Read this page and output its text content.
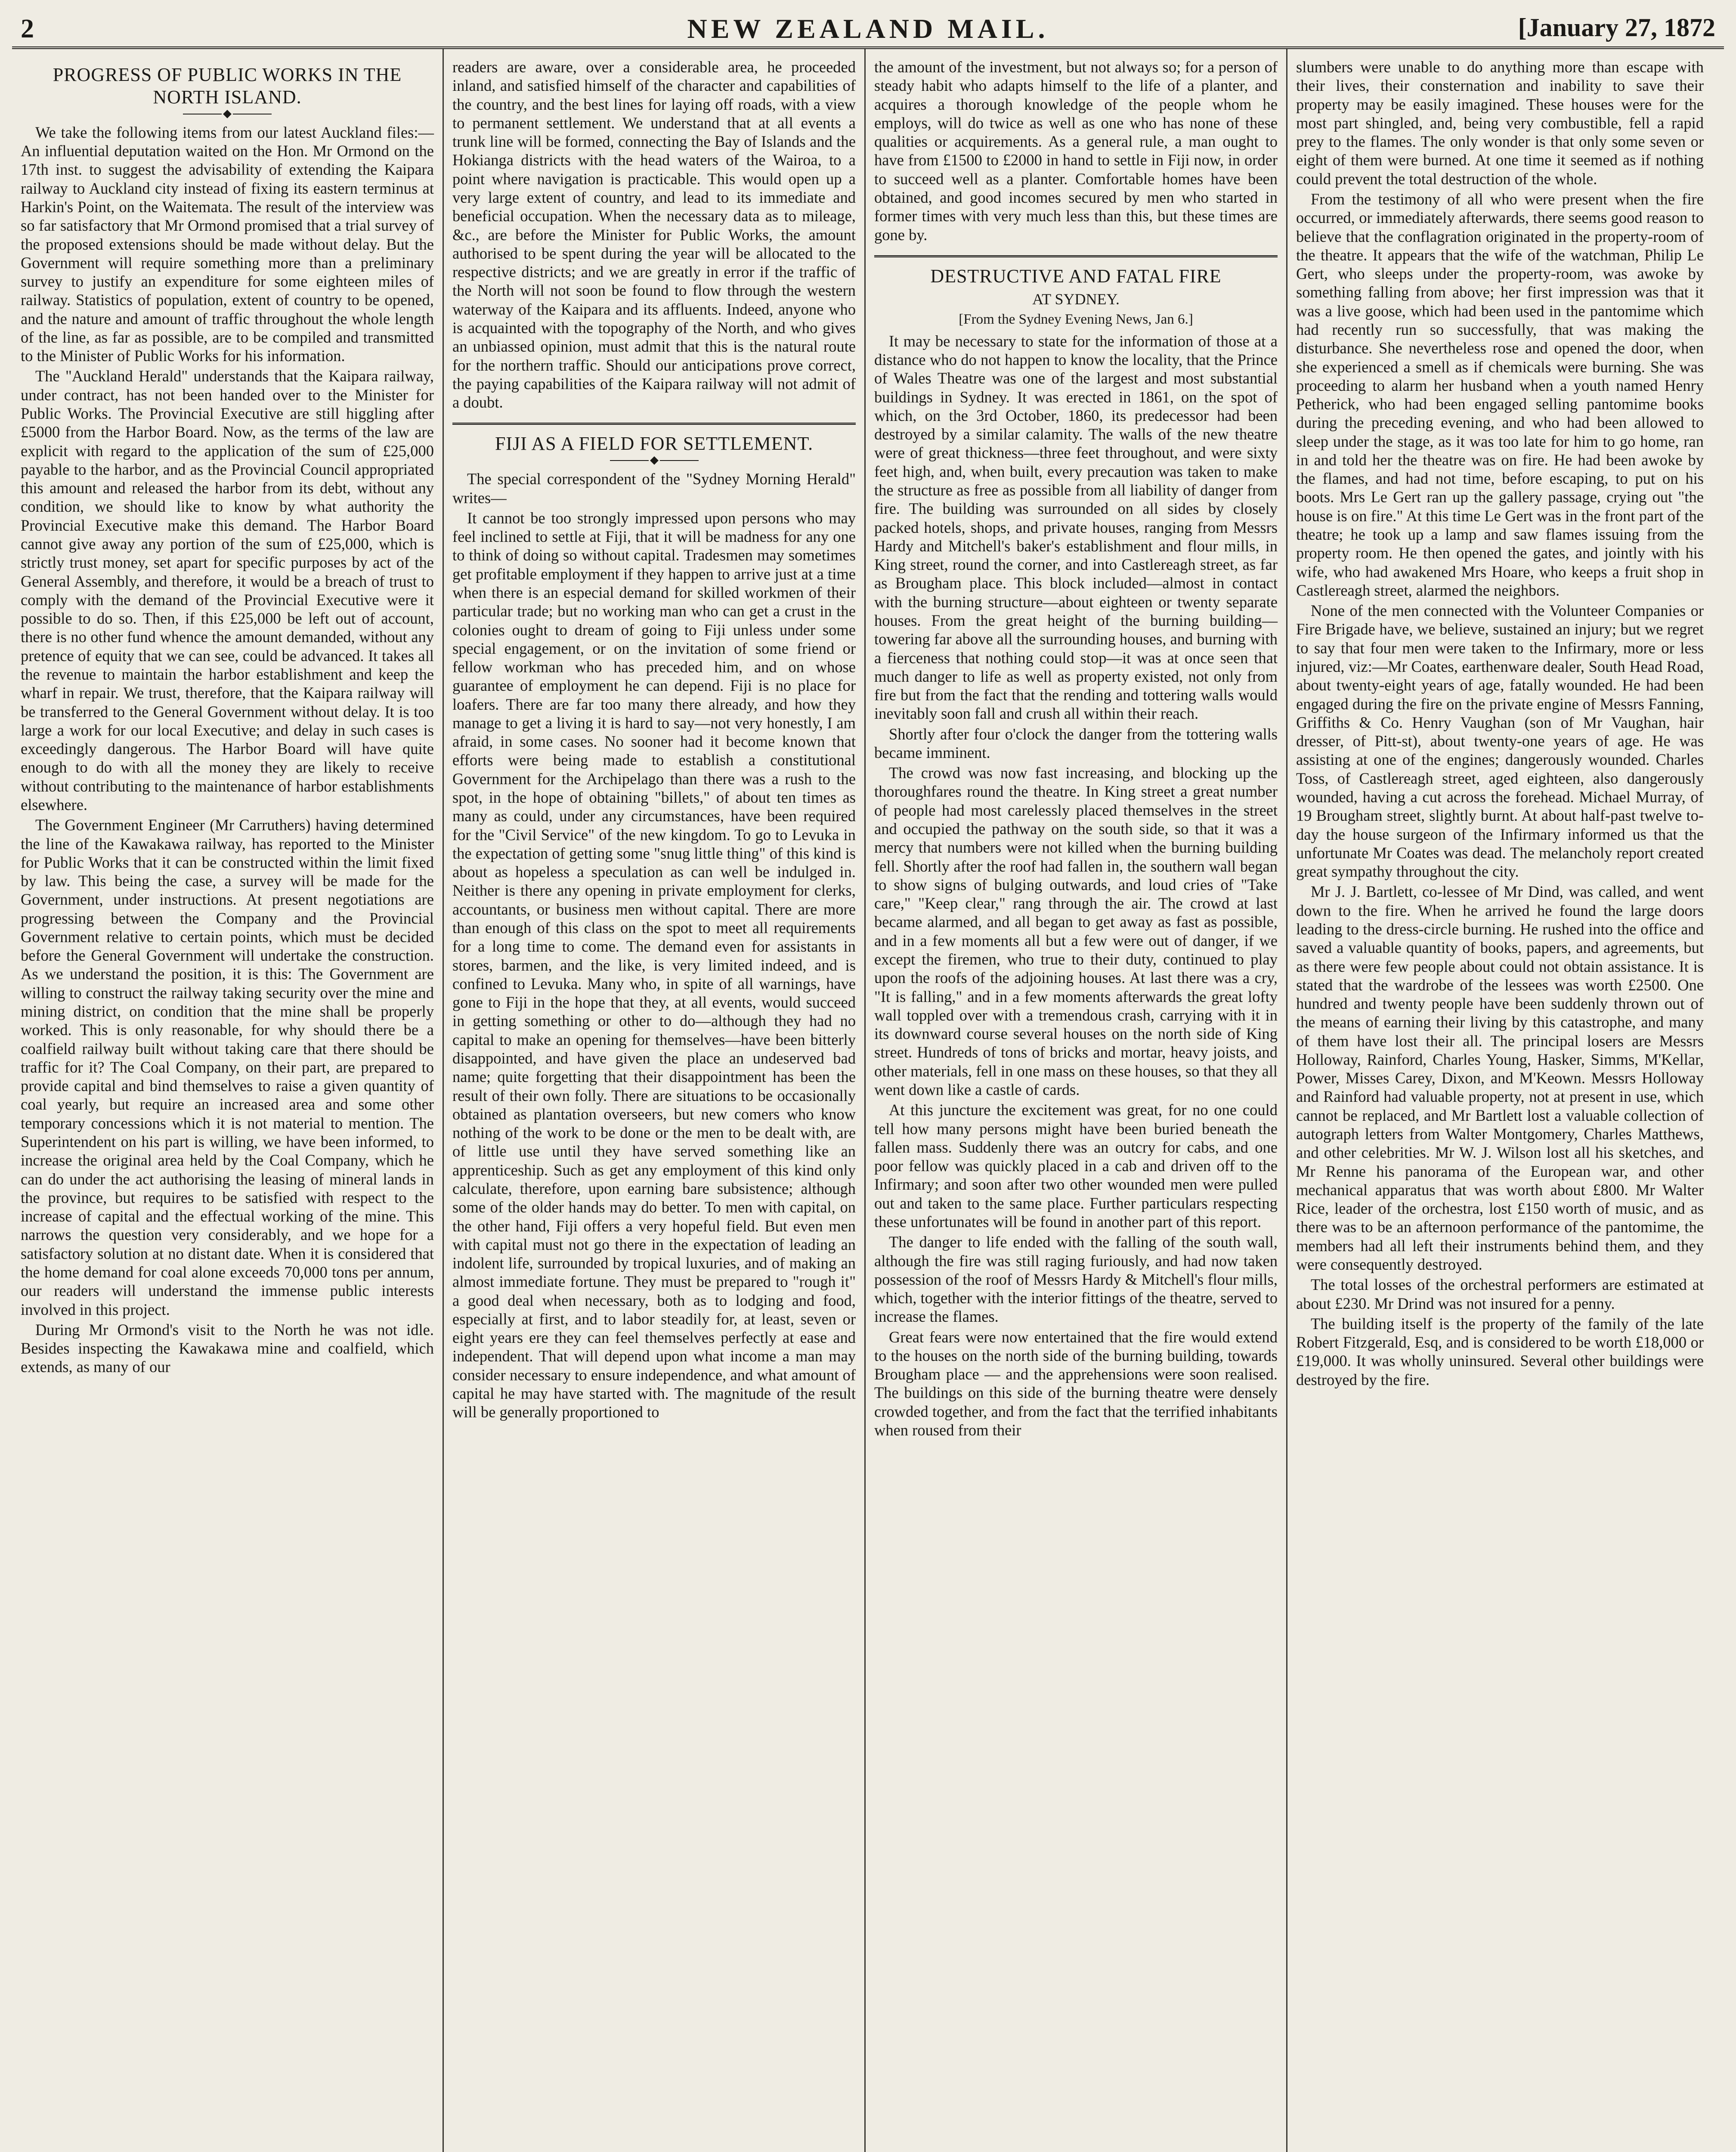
2	NEW ZEALAND MAIL.	[January 27, 1872
PROGRESS OF PUBLIC WORKS IN THE NORTH ISLAND.

We take the following items from our latest Auckland files:—An influential deputation waited on the Hon. Mr Ormond on the 17th inst. to suggest the advisability of extending the Kaipara railway to Auckland city instead of fixing its eastern terminus at Harkin's Point, on the Waitemata. The result of the interview was so far satisfactory that Mr Ormond promised that a trial survey of the proposed extensions should be made without delay. But the Government will require something more than a preliminary survey to justify an expenditure for some eighteen miles of railway. Statistics of population, extent of country to be opened, and the nature and amount of traffic throughout the whole length of the line, as far as possible, are to be compiled and transmitted to the Minister of Public Works for his information.

The "Auckland Herald" understands that the Kaipara railway, under contract, has not been handed over to the Minister for Public Works. The Provincial Executive are still higgling after £5000 from the Harbor Board. Now, as the terms of the law are explicit with regard to the application of the sum of £25,000 payable to the harbor, and as the Provincial Council appropriated this amount and released the harbor from its debt, without any condition, we should like to know by what authority the Provincial Executive make this demand. The Harbor Board cannot give away any portion of the sum of £25,000, which is strictly trust money, set apart for specific purposes by act of the General Assembly, and therefore, it would be a breach of trust to comply with the demand of the Provincial Executive were it possible to do so. Then, if this £25,000 be left out of account, there is no other fund whence the amount demanded, without any pretence of equity that we can see, could be advanced. It takes all the revenue to maintain the harbor establishment and keep the wharf in repair. We trust, therefore, that the Kaipara railway will be transferred to the General Government without delay. It is too large a work for our local Executive; and delay in such cases is exceedingly dangerous. The Harbor Board will have quite enough to do with all the money they are likely to receive without contributing to the maintenance of harbor establishments elsewhere.

The Government Engineer (Mr Carruthers) having determined the line of the Kawakawa railway, has reported to the Minister for Public Works that it can be constructed within the limit fixed by law. This being the case, a survey will be made for the Government, under instructions. At present negotiations are progressing between the Company and the Provincial Government relative to certain points, which must be decided before the General Government will undertake the construction. As we understand the position, it is this: The Government are willing to construct the railway taking security over the mine and mining district, on condition that the mine shall be properly worked. This is only reasonable, for why should there be a coalfield railway built without taking care that there should be traffic for it? The Coal Company, on their part, are prepared to provide capital and bind themselves to raise a given quantity of coal yearly, but require an increased area and some other temporary concessions which it is not material to mention. The Superintendent on his part is willing, we have been informed, to increase the original area held by the Coal Company, which he can do under the act authorising the leasing of mineral lands in the province, but requires to be satisfied with respect to the increase of capital and the effectual working of the mine. This narrows the question very considerably, and we hope for a satisfactory solution at no distant date. When it is considered that the home demand for coal alone exceeds 70,000 tons per annum, our readers will understand the immense public interests involved in this project.

During Mr Ormond's visit to the North he was not idle. Besides inspecting the Kawakawa mine and coalfield, which extends, as many of our

readers are aware, over a considerable area, he proceeded inland, and satisfied himself of the character and capabilities of the country, and the best lines for laying off roads, with a view to permanent settlement. We understand that at all events a trunk line will be formed, connecting the Bay of Islands and the Hokianga districts with the head waters of the Wairoa, to a point where navigation is practicable. This would open up a very large extent of country, and lead to its immediate and beneficial occupation. When the necessary data as to mileage, &c., are before the Minister for Public Works, the amount authorised to be spent during the year will be allocated to the respective districts; and we are greatly in error if the traffic of the North will not soon be found to flow through the western waterway of the Kaipara and its affluents. Indeed, anyone who is acquainted with the topography of the North, and who gives an unbiassed opinion, must admit that this is the natural route for the northern traffic. Should our anticipations prove correct, the paying capabilities of the Kaipara railway will not admit of a doubt.

FIJI AS A FIELD FOR SETTLEMENT.

The special correspondent of the "Sydney Morning Herald" writes—

It cannot be too strongly impressed upon persons who may feel inclined to settle at Fiji, that it will be madness for any one to think of doing so without capital. Tradesmen may sometimes get profitable employment if they happen to arrive just at a time when there is an especial demand for skilled workmen of their particular trade; but no working man who can get a crust in the colonies ought to dream of going to Fiji unless under some special engagement, or on the invitation of some friend or fellow workman who has preceded him, and on whose guarantee of employment he can depend. Fiji is no place for loafers. There are far too many there already, and how they manage to get a living it is hard to say—not very honestly, I am afraid, in some cases. No sooner had it become known that efforts were being made to establish a constitutional Government for the Archipelago than there was a rush to the spot, in the hope of obtaining "billets," of about ten times as many as could, under any circumstances, have been required for the "Civil Service" of the new kingdom. To go to Levuka in the expectation of getting some "snug little thing" of this kind is about as hopeless a speculation as can well be indulged in. Neither is there any opening in private employment for clerks, accountants, or business men without capital. There are more than enough of this class on the spot to meet all requirements for a long time to come. The demand even for assistants in stores, barmen, and the like, is very limited indeed, and is confined to Levuka. Many who, in spite of all warnings, have gone to Fiji in the hope that they, at all events, would succeed in getting something or other to do—although they had no capital to make an opening for themselves—have been bitterly disappointed, and have given the place an undeserved bad name; quite forgetting that their disappointment has been the result of their own folly. There are situations to be occasionally obtained as plantation overseers, but new comers who know nothing of the work to be done or the men to be dealt with, are of little use until they have served something like an apprenticeship. Such as get any employment of this kind only calculate, therefore, upon earning bare subsistence; although some of the older hands may do better. To men with capital, on the other hand, Fiji offers a very hopeful field. But even men with capital must not go there in the expectation of leading an indolent life, surrounded by tropical luxuries, and of making an almost immediate fortune. They must be prepared to "rough it" a good deal when necessary, both as to lodging and food, especially at first, and to labor steadily for, at least, seven or eight years ere they can feel themselves perfectly at ease and independent. That will depend upon what income a man may consider necessary to ensure independence, and what amount of capital he may have started with. The magnitude of the result will be generally proportioned to

the amount of the investment, but not always so; for a person of steady habit who adapts himself to the life of a planter, and acquires a thorough knowledge of the people whom he employs, will do twice as well as one who has none of these qualities or acquirements. As a general rule, a man ought to have from £1500 to £2000 in hand to settle in Fiji now, in order to succeed well as a planter. Comfortable homes have been obtained, and good incomes secured by men who started in former times with very much less than this, but these times are gone by.

DESTRUCTIVE AND FATAL FIRE
AT SYDNEY.
[From the Sydney Evening News, Jan 6.]

It may be necessary to state for the information of those at a distance who do not happen to know the locality, that the Prince of Wales Theatre was one of the largest and most substantial buildings in Sydney. It was erected in 1861, on the spot of which, on the 3rd October, 1860, its predecessor had been destroyed by a similar calamity. The walls of the new theatre were of great thickness—three feet throughout, and were sixty feet high, and, when built, every precaution was taken to make the structure as free as possible from all liability of danger from fire. The building was surrounded on all sides by closely packed hotels, shops, and private houses, ranging from Messrs Hardy and Mitchell's baker's establishment and flour mills, in King street, round the corner, and into Castlereagh street, as far as Brougham place. This block included—almost in contact with the burning structure—about eighteen or twenty separate houses. From the great height of the burning building—towering far above all the surrounding houses, and burning with a fierceness that nothing could stop—it was at once seen that much danger to life as well as property existed, not only from fire but from the fact that the rending and tottering walls would inevitably soon fall and crush all within their reach.

Shortly after four o'clock the danger from the tottering walls became imminent.

The crowd was now fast increasing, and blocking up the thoroughfares round the theatre. In King street a great number of people had most carelessly placed themselves in the street and occupied the pathway on the south side, so that it was a mercy that numbers were not killed when the burning building fell. Shortly after the roof had fallen in, the southern wall began to show signs of bulging outwards, and loud cries of "Take care," "Keep clear," rang through the air. The crowd at last became alarmed, and all began to get away as fast as possible, and in a few moments all but a few were out of danger, if we except the firemen, who true to their duty, continued to play upon the roofs of the adjoining houses. At last there was a cry, "It is falling," and in a few moments afterwards the great lofty wall toppled over with a tremendous crash, carrying with it in its downward course several houses on the north side of King street. Hundreds of tons of bricks and mortar, heavy joists, and other materials, fell in one mass on these houses, so that they all went down like a castle of cards.

At this juncture the excitement was great, for no one could tell how many persons might have been buried beneath the fallen mass. Suddenly there was an outcry for cabs, and one poor fellow was quickly placed in a cab and driven off to the Infirmary; and soon after two other wounded men were pulled out and taken to the same place. Further particulars respecting these unfortunates will be found in another part of this report.

The danger to life ended with the falling of the south wall, although the fire was still raging furiously, and had now taken possession of the roof of Messrs Hardy & Mitchell's flour mills, which, together with the interior fittings of the theatre, served to increase the flames.

Great fears were now entertained that the fire would extend to the houses on the north side of the burning building, towards Brougham place — and the apprehensions were soon realised. The buildings on this side of the burning theatre were densely crowded together, and from the fact that the terrified inhabitants when roused from their

slumbers were unable to do anything more than escape with their lives, their consternation and inability to save their property may be easily imagined. These houses were for the most part shingled, and, being very combustible, fell a rapid prey to the flames. The only wonder is that only some seven or eight of them were burned. At one time it seemed as if nothing could prevent the total destruction of the whole.

From the testimony of all who were present when the fire occurred, or immediately afterwards, there seems good reason to believe that the conflagration originated in the property-room of the theatre. It appears that the wife of the watchman, Philip Le Gert, who sleeps under the property-room, was awoke by something falling from above; her first impression was that it was a live goose, which had been used in the pantomime which had recently run so successfully, that was making the disturbance. She nevertheless rose and opened the door, when she experienced a smell as if chemicals were burning. She was proceeding to alarm her husband when a youth named Henry Petherick, who had been engaged selling pantomime books during the preceding evening, and who had been allowed to sleep under the stage, as it was too late for him to go home, ran in and told her the theatre was on fire. He had been awoke by the flames, and had not time, before escaping, to put on his boots. Mrs Le Gert ran up the gallery passage, crying out "the house is on fire." At this time Le Gert was in the front part of the theatre; he took up a lamp and saw flames issuing from the property room. He then opened the gates, and jointly with his wife, who had awakened Mrs Hoare, who keeps a fruit shop in Castlereagh street, alarmed the neighbors.

None of the men connected with the Volunteer Companies or Fire Brigade have, we believe, sustained an injury; but we regret to say that four men were taken to the Infirmary, more or less injured, viz:—Mr Coates, earthenware dealer, South Head Road, about twenty-eight years of age, fatally wounded. He had been engaged during the fire on the private engine of Messrs Fanning, Griffiths & Co. Henry Vaughan (son of Mr Vaughan, hair dresser, of Pitt-st), about twenty-one years of age. He was assisting at one of the engines; dangerously wounded. Charles Toss, of Castlereagh street, aged eighteen, also dangerously wounded, having a cut across the forehead. Michael Murray, of 19 Brougham street, slightly burnt. At about half-past twelve to-day the house surgeon of the Infirmary informed us that the unfortunate Mr Coates was dead. The melancholy report created great sympathy throughout the city.

Mr J. J. Bartlett, co-lessee of Mr Dind, was called, and went down to the fire. When he arrived he found the large doors leading to the dress-circle burning. He rushed into the office and saved a valuable quantity of books, papers, and agreements, but as there were few people about could not obtain assistance. It is stated that the wardrobe of the lessees was worth £2500. One hundred and twenty people have been suddenly thrown out of the means of earning their living by this catastrophe, and many of them have lost their all. The principal losers are Messrs Holloway, Rainford, Charles Young, Hasker, Simms, M'Kellar, Power, Misses Carey, Dixon, and M'Keown. Messrs Holloway and Rainford had valuable property, not at present in use, which cannot be replaced, and Mr Bartlett lost a valuable collection of autograph letters from Walter Montgomery, Charles Matthews, and other celebrities. Mr W. J. Wilson lost all his sketches, and Mr Renne his panorama of the European war, and other mechanical apparatus that was worth about £800. Mr Walter Rice, leader of the orchestra, lost £150 worth of music, and as there was to be an afternoon performance of the pantomime, the members had all left their instruments behind them, and they were consequently destroyed.

The total losses of the orchestral performers are estimated at about £230. Mr Drind was not insured for a penny.

The building itself is the property of the family of the late Robert Fitzgerald, Esq, and is considered to be worth £18,000 or £19,000. It was wholly uninsured. Several other buildings were destroyed by the fire.
